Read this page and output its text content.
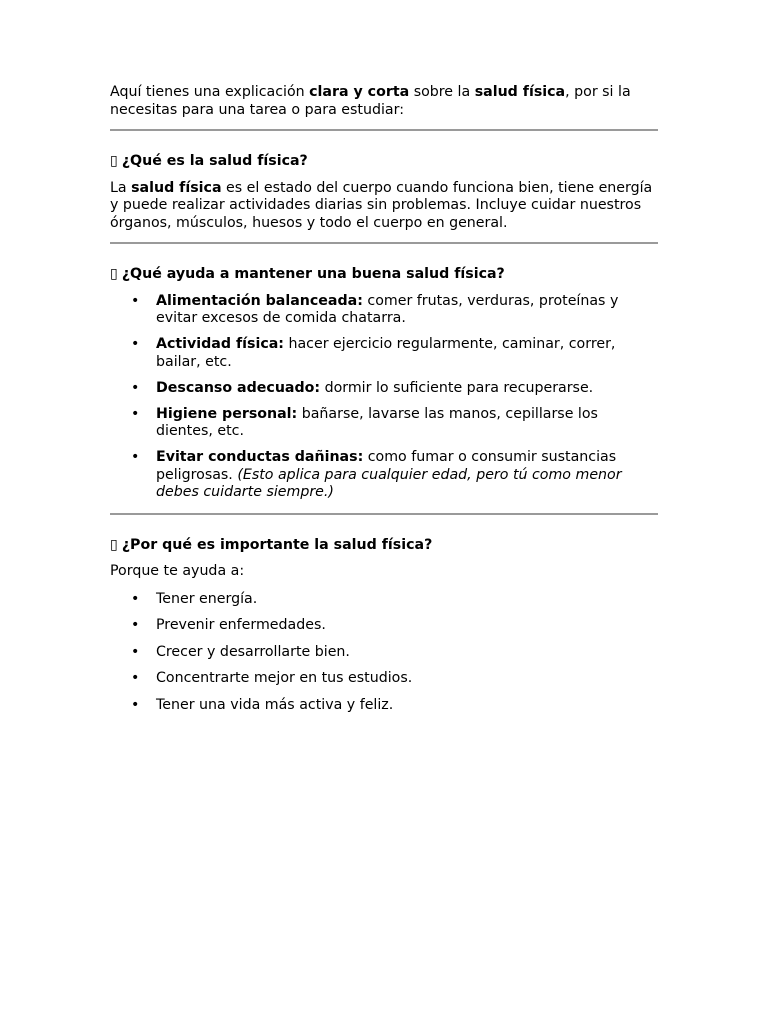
Aquí tienes una explicación clara y corta sobre la salud física, por si la necesitas para una tarea o para estudiar:

▯ ¿Qué es la salud física?

La salud física es el estado del cuerpo cuando funciona bien, tiene energía y puede realizar actividades diarias sin problemas. Incluye cuidar nuestros órganos, músculos, huesos y todo el cuerpo en general.

▯ ¿Qué ayuda a mantener una buena salud física?
• Alimentación balanceada: comer frutas, verduras, proteínas y evitar excesos de comida chatarra.
• Actividad física: hacer ejercicio regularmente, caminar, correr, bailar, etc.
• Descanso adecuado: dormir lo suficiente para recuperarse.
• Higiene personal: bañarse, lavarse las manos, cepillarse los dientes, etc.
• Evitar conductas dañinas: como fumar o consumir sustancias peligrosas. (Esto aplica para cualquier edad, pero tú como menor debes cuidarte siempre.)
▯ ¿Por qué es importante la salud física?

Porque te ayuda a:

• Tener energía.
• Prevenir enfermedades.
• Crecer y desarrollarte bien.
• Concentrarte mejor en tus estudios.
• Tener una vida más activa y feliz.
